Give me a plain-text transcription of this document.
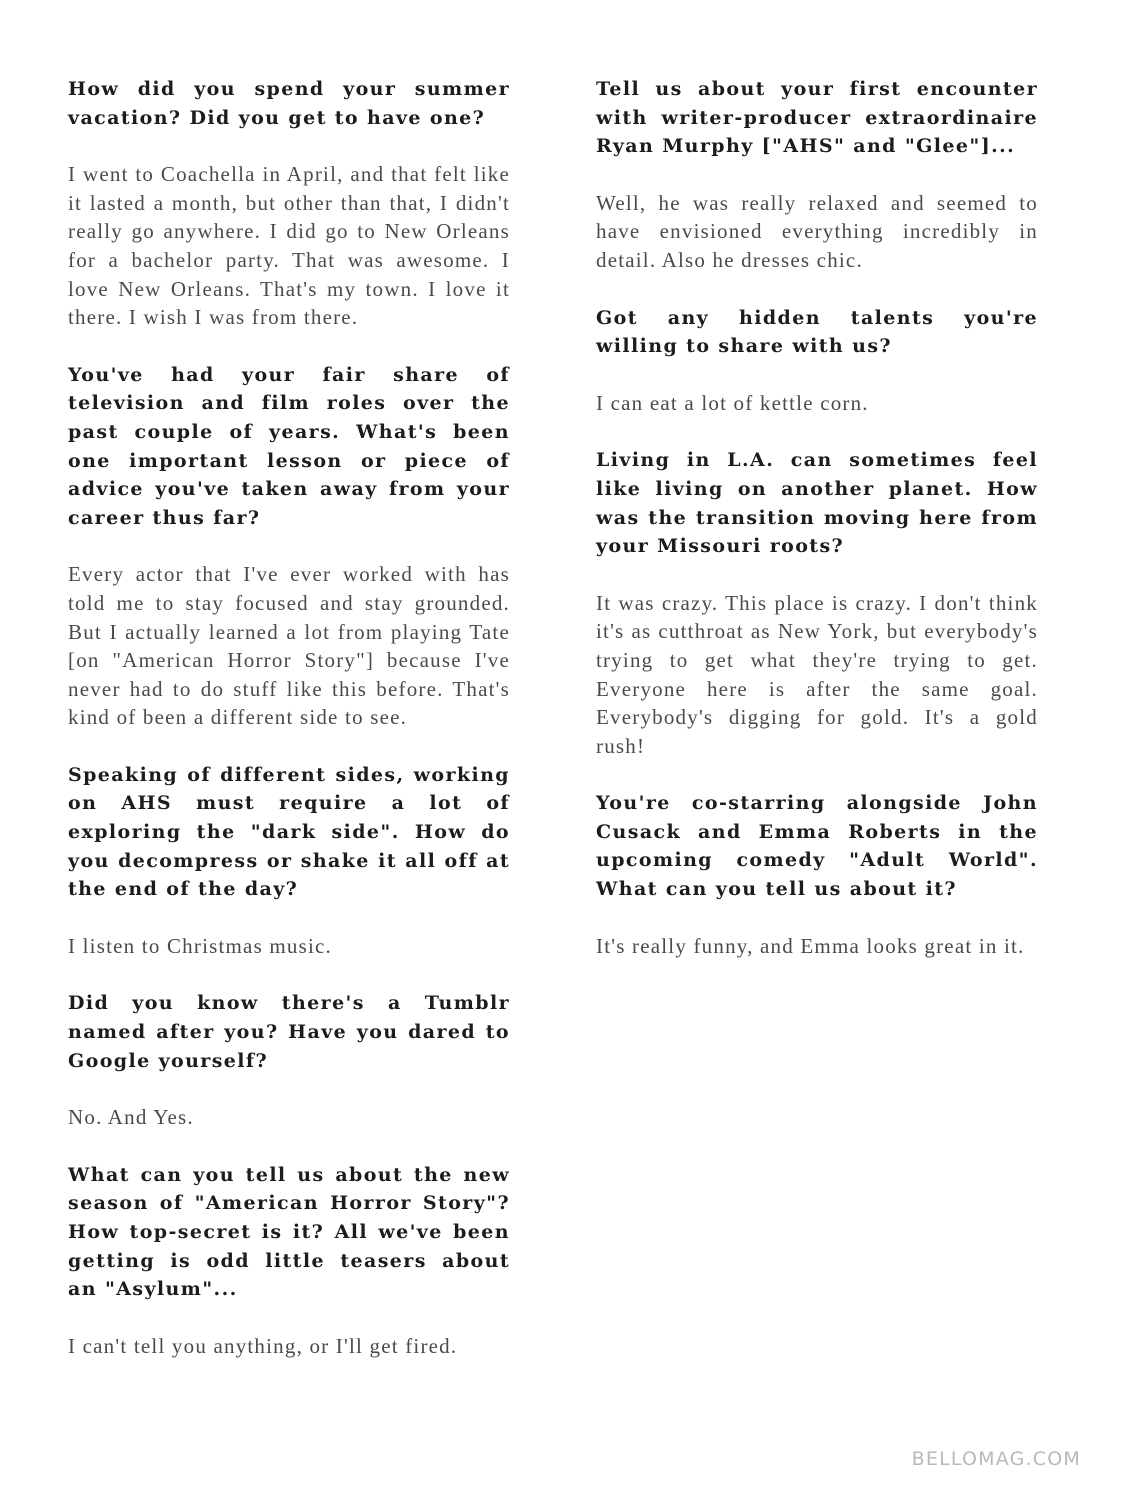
How did you spend your summer vacation? Did you get to have one?

I went to Coachella in April, and that felt like it lasted a month, but other than that, I didn't really go anywhere. I did go to New Orleans for a bachelor party. That was awesome. I love New Orleans. That's my town. I love it there. I wish I was from there.

You've had your fair share of television and film roles over the past couple of years. What's been one important lesson or piece of advice you've taken away from your career thus far?

Every actor that I've ever worked with has told me to stay focused and stay grounded. But I actually learned a lot from playing Tate [on "American Horror Story"] because I've never had to do stuff like this before. That's kind of been a different side to see.

Speaking of different sides, working on AHS must require a lot of exploring the "dark side". How do you decompress or shake it all off at the end of the day?

I listen to Christmas music.

Did you know there's a Tumblr named after you? Have you dared to Google yourself?

No. And Yes.

What can you tell us about the new season of "American Horror Story"? How top-secret is it? All we've been getting is odd little teasers about an "Asylum"...

I can't tell you anything, or I'll get fired.

Tell us about your first encounter with writer-producer extraordinaire Ryan Murphy ["AHS" and "Glee"]...

Well, he was really relaxed and seemed to have envisioned everything incredibly in detail. Also he dresses chic.

Got any hidden talents you're willing to share with us?

I can eat a lot of kettle corn.

Living in L.A. can sometimes feel like living on another planet. How was the transition moving here from your Missouri roots?

It was crazy. This place is crazy. I don't think it's as cutthroat as New York, but everybody's trying to get what they're trying to get. Everyone here is after the same goal. Everybody's digging for gold. It's a gold rush!

You're co-starring alongside John Cusack and Emma Roberts in the upcoming comedy "Adult World". What can you tell us about it?

It's really funny, and Emma looks great in it.

BELLOMAG.COM
